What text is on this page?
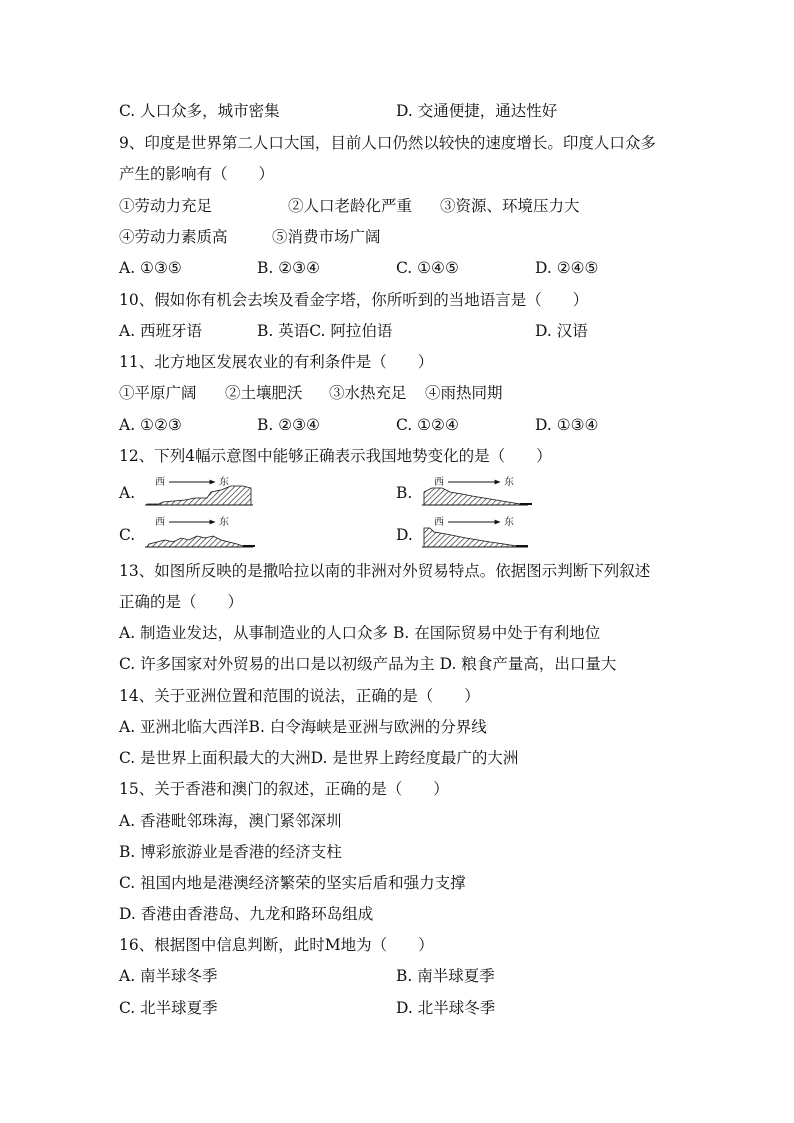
C. 人口众多，城市密集	D. 交通便捷，通达性好
9、印度是世界第二人口大国，目前人口仍然以较快的速度增长。印度人口众多
产生的影响有（　　）
①劳动力充足	②人口老龄化严重 ③资源、环境压力大
④劳动力素质高	⑤消费市场广阔
A. ①③⑤	B. ②③④	C. ①④⑤	D. ②④⑤
10、假如你有机会去埃及看金字塔，你所听到的当地语言是（　　）
A. 西班牙语	B. 英语C. 阿拉伯语	D. 汉语
11、北方地区发展农业的有利条件是（　　）
①平原广阔 ②土壤肥沃 ③水热充足 ④雨热同期
A. ①②③	B. ②③④	C. ①②④	D. ①③④
12、下列4幅示意图中能够正确表示我国地势变化的是（　　）
A.	B.
C.	D.
西	东	西	东
西	东	西	东
13、如图所反映的是撒哈拉以南的非洲对外贸易特点。依据图示判断下列叙述
正确的是（　　）
A. 制造业发达，从事制造业的人口众多 B. 在国际贸易中处于有利地位
C. 许多国家对外贸易的出口是以初级产品为主 D. 粮食产量高，出口量大
14、关于亚洲位置和范围的说法，正确的是（　　）
A. 亚洲北临大西洋B. 白令海峡是亚洲与欧洲的分界线
C. 是世界上面积最大的大洲D. 是世界上跨经度最广的大洲
15、关于香港和澳门的叙述，正确的是（　　）
A. 香港毗邻珠海，澳门紧邻深圳
B. 博彩旅游业是香港的经济支柱
C. 祖国内地是港澳经济繁荣的坚实后盾和强力支撑
D. 香港由香港岛、九龙和路环岛组成
16、根据图中信息判断，此时M地为（　　）
A. 南半球冬季	B. 南半球夏季
C. 北半球夏季	D. 北半球冬季
